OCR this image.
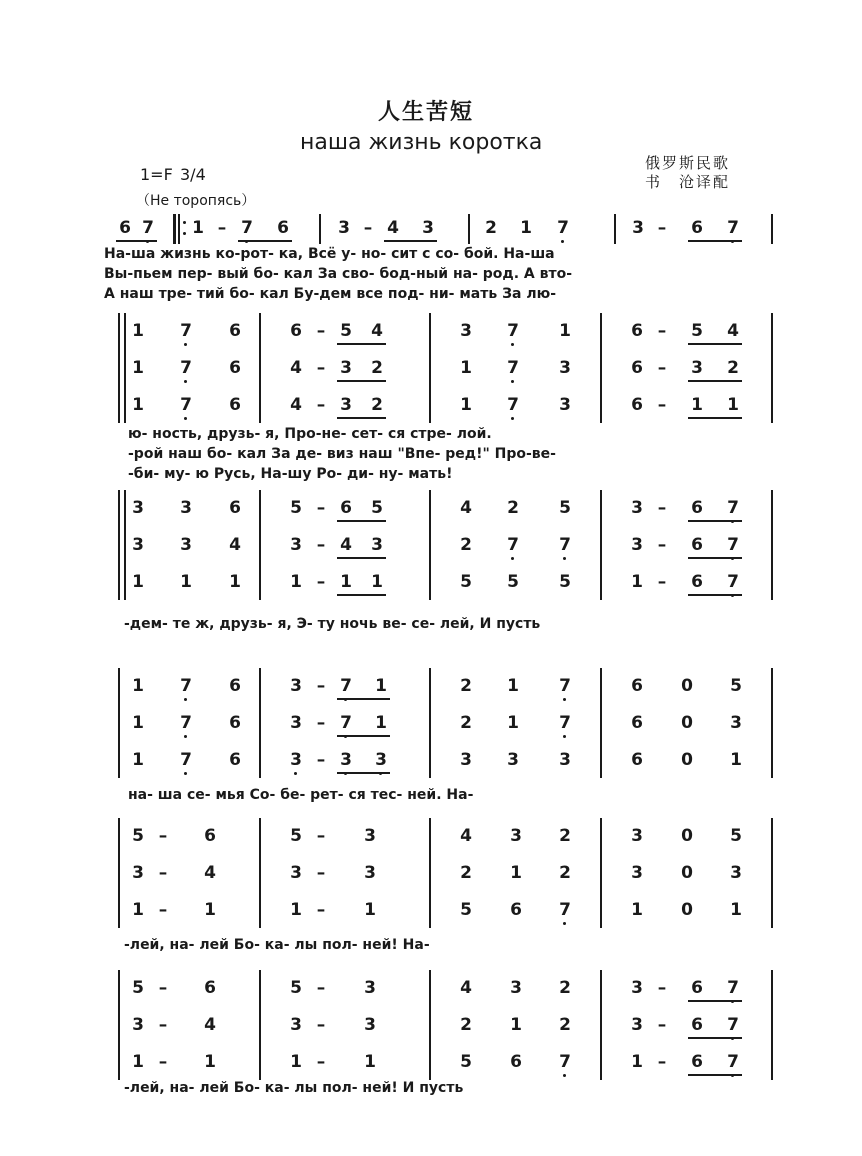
人生苦短
наша жизнь коротка
1=F 3/4
（Не торопясь）
俄罗斯民歌
书　沧译配
6 7 1 – 7 6	3 – 4 3	2 1 7	3 –	6 7
На-ша жизнь ко-рот- ка, Всё у- но- сит с со- бой. На-ша
Вы-пьем пер- вый бо- кал За сво- бод-ный на- род. А вто-
А наш тре- тий бо- кал Бу-дем все под- ни- мать За лю-
1 7 6	6 – 5 4	3 7 1	6 –	5 4
1 7 6	4 – 3 2	1 7 3	6 –	3 2
1 7 6	4 – 3 2	1 7 3	6 –	1 1
ю- ность, друзь- я, Про-не- сет- ся стре- лой.
-рой наш бо- кал За де- виз наш "Впе- ред!" Про-ве-
-би- му- ю Русь, На-шу Ро- ди- ну- мать!
3 3 6	5 – 6 5	4 2 5	3 –	6 7
3 3 4	3 – 4 3	2 7 7	3 –	6 7
1 1 1	1 – 1 1	5 5 5	1 –	6 7
-дем- те ж, друзь- я, Э- ту ночь ве- се- лей, И пусть
1 7 6	3 – 7 1	2 1 7	6 0 5
1 7 6	3 – 7 1	2 1 7	6 0 3
1 7 6	3 – 3 3	3 3 3	6 0 1
на- ша се- мья Со- бе- рет- ся тес- ней. На-
5 –	6	5 –	3	4 3 2	3 0 5
3 –	4	3 –	3	2 1 2	3 0 3
1 –	1	1 –	1	5 6 7	1 0 1
-лей, на- лей Бо- ка- лы пол- ней! На-
5 –	6	5 –	3	4 3 2	3 –	6 7
3 –	4	3 –	3	2 1 2	3 –	6 7
1 –	1	1 –	1	5 6 7	1 –	6 7
-лей, на- лей Бо- ка- лы пол- ней! И пусть
